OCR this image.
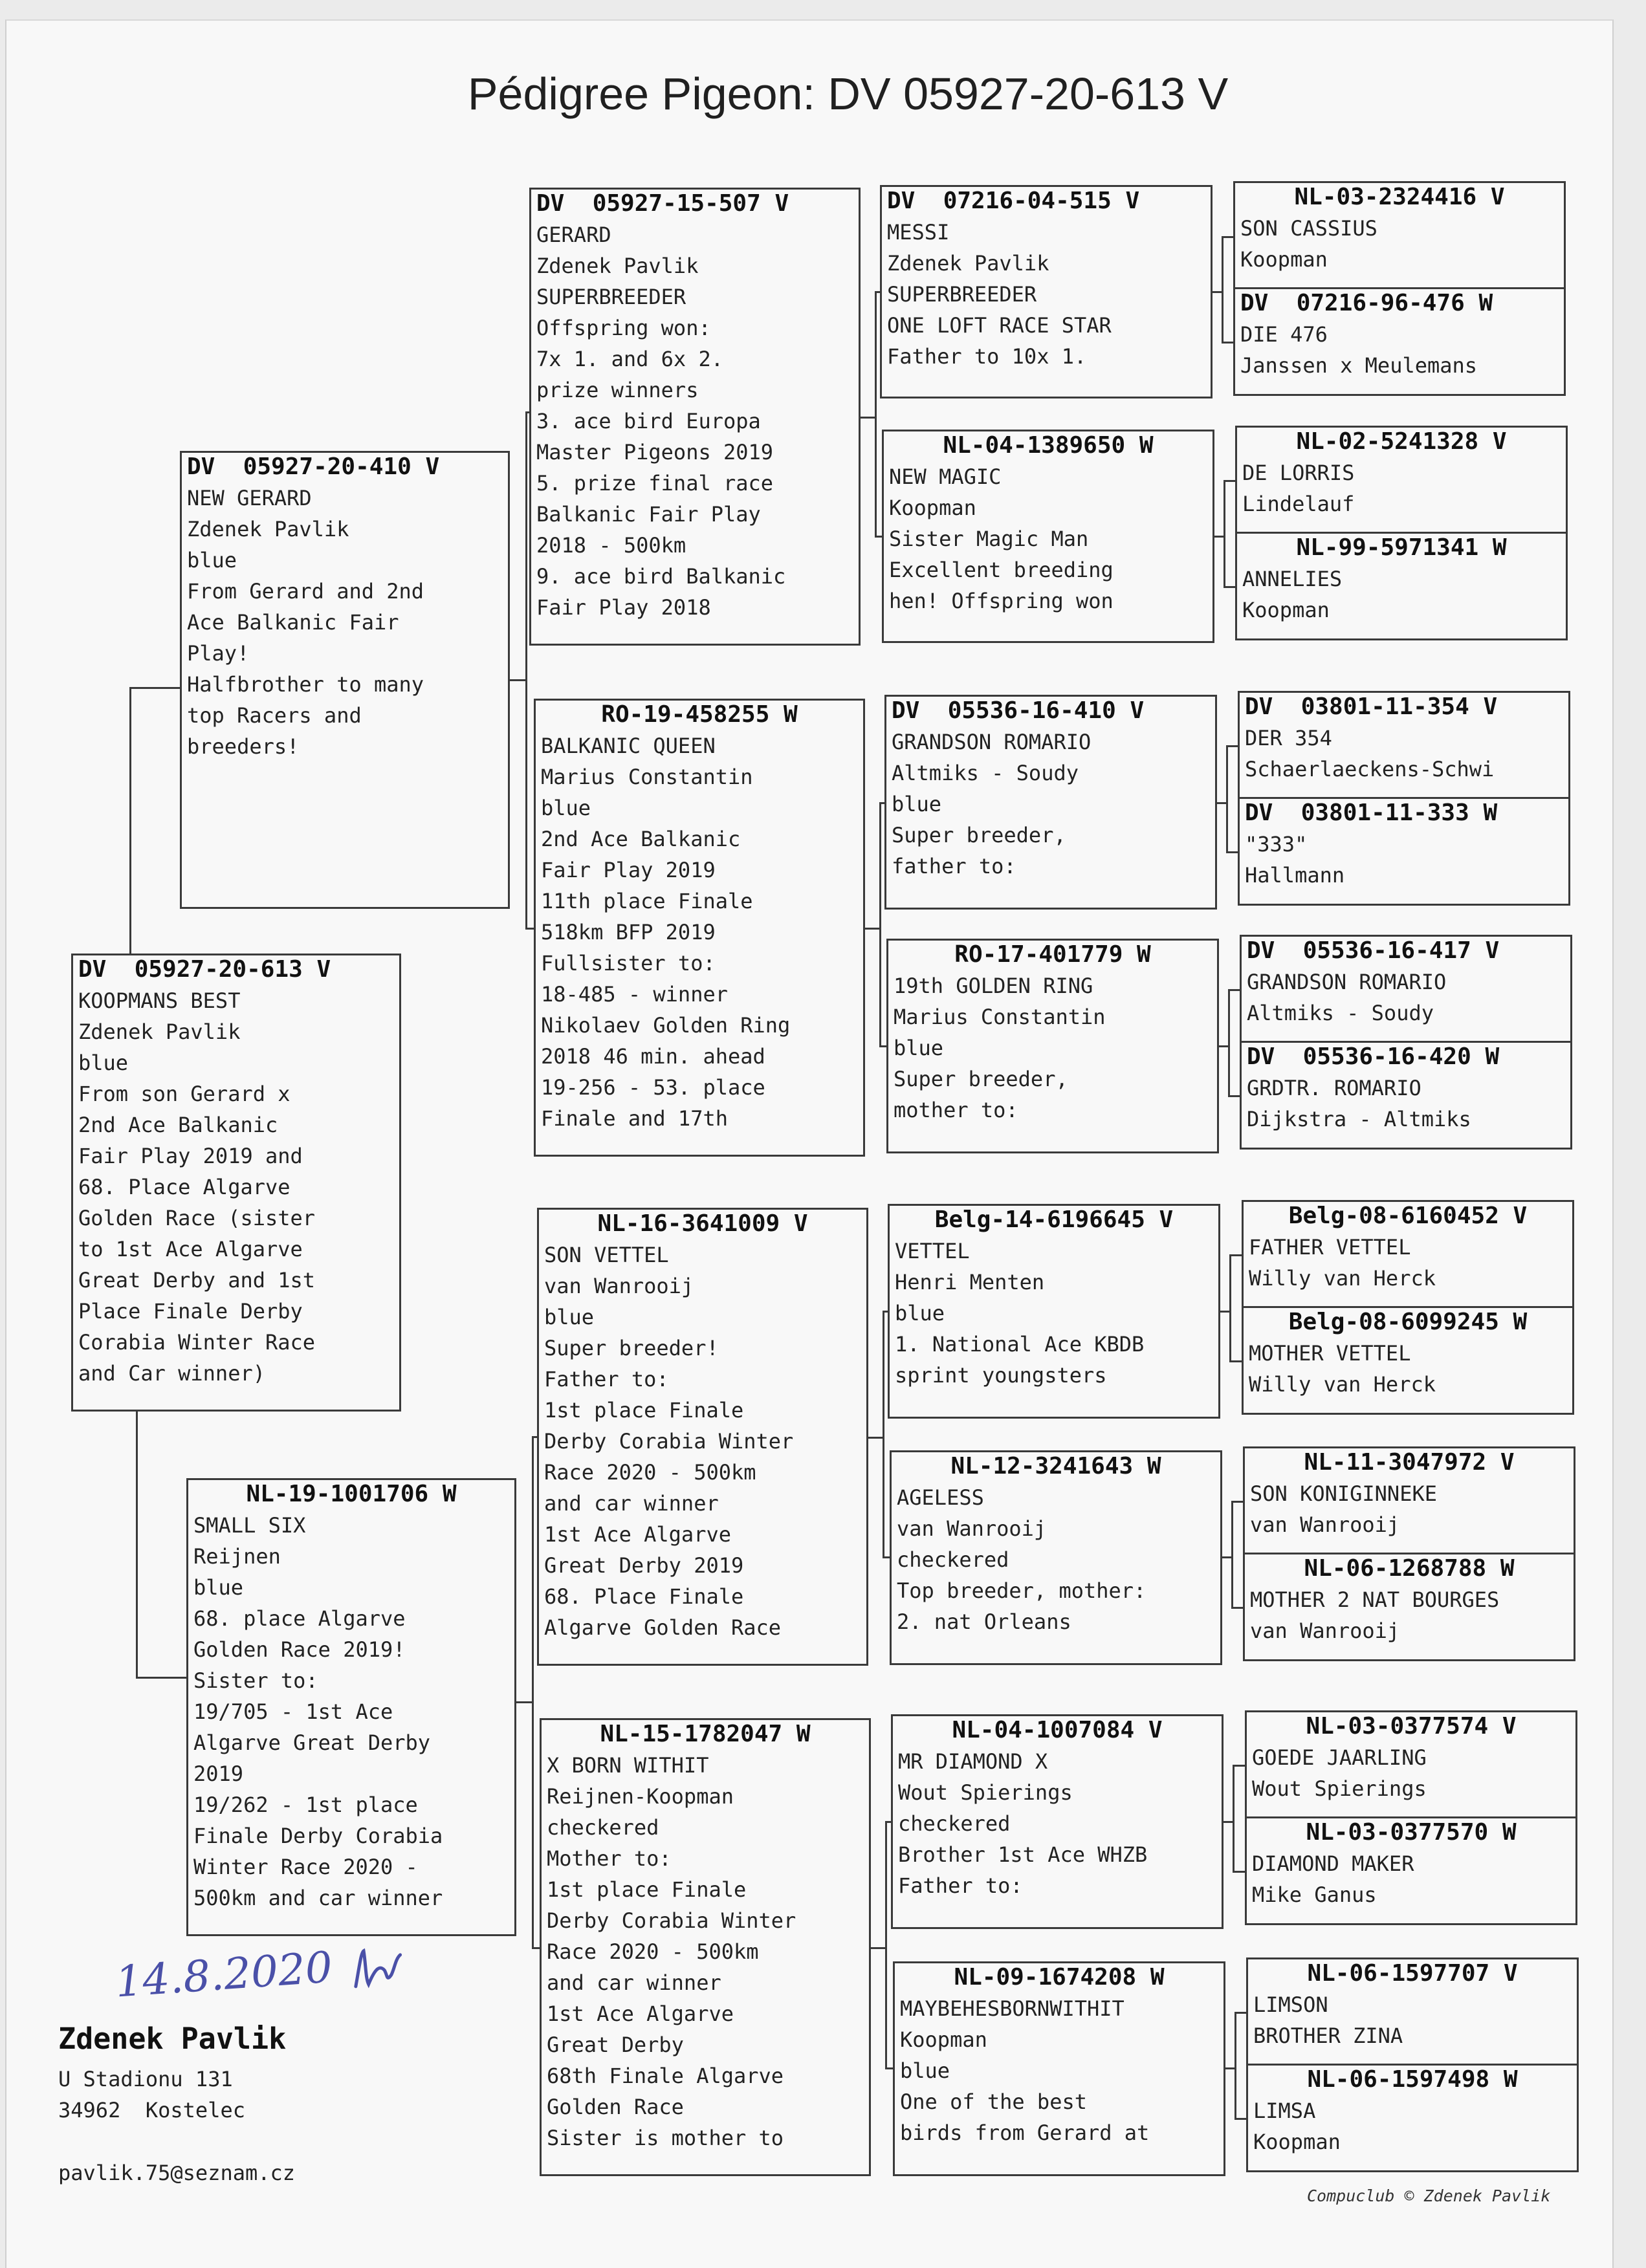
Pédigree Pigeon: DV 05927-20-613 V
DV  05927-20-613 V
KOOPMANS BEST
Zdenek Pavlik
blue
From son Gerard x
2nd Ace Balkanic
Fair Play 2019 and
68. Place Algarve
Golden Race (sister
to 1st Ace Algarve
Great Derby and 1st
Place Finale Derby
Corabia Winter Race
and Car winner)
DV  05927-20-410 V
NEW GERARD
Zdenek Pavlik
blue
From Gerard and 2nd
Ace Balkanic Fair
Play!
Halfbrother to many
top Racers and
breeders!
NL-19-1001706 W
SMALL SIX
Reijnen
blue
68. place Algarve
Golden Race 2019!
Sister to:
19/705 - 1st Ace
Algarve Great Derby
2019
19/262 - 1st place
Finale Derby Corabia
Winter Race 2020 -
500km and car winner
DV  05927-15-507 V
GERARD
Zdenek Pavlik
SUPERBREEDER
Offspring won:
7x 1. and 6x 2.
prize winners
3. ace bird Europa
Master Pigeons 2019
5. prize final race
Balkanic Fair Play
2018 - 500km
9. ace bird Balkanic
Fair Play 2018
RO-19-458255 W
BALKANIC QUEEN
Marius Constantin
blue
2nd Ace Balkanic
Fair Play 2019
11th place Finale
518km BFP 2019
Fullsister to:
18-485 - winner
Nikolaev Golden Ring
2018 46 min. ahead
19-256 - 53. place
Finale and 17th
NL-16-3641009 V
SON VETTEL
van Wanrooij
blue
Super breeder!
Father to:
1st place Finale
Derby Corabia Winter
Race 2020 - 500km
and car winner
1st Ace Algarve
Great Derby 2019
68. Place Finale
Algarve Golden Race
NL-15-1782047 W
X BORN WITHIT
Reijnen-Koopman
checkered
Mother to:
1st place Finale
Derby Corabia Winter
Race 2020 - 500km
and car winner
1st Ace Algarve
Great Derby
68th Finale Algarve
Golden Race
Sister is mother to
DV  07216-04-515 V
MESSI
Zdenek Pavlik
SUPERBREEDER
ONE LOFT RACE STAR
Father to 10x 1.
NL-04-1389650 W
NEW MAGIC
Koopman
Sister Magic Man
Excellent breeding
hen! Offspring won
DV  05536-16-410 V
GRANDSON ROMARIO
Altmiks - Soudy
blue
Super breeder,
father to:
RO-17-401779 W
19th GOLDEN RING
Marius Constantin
blue
Super breeder,
mother to:
Belg-14-6196645 V
VETTEL
Henri Menten
blue
1. National Ace KBDB
sprint youngsters
NL-12-3241643 W
AGELESS
van Wanrooij
checkered
Top breeder, mother:
2. nat Orleans
NL-04-1007084 V
MR DIAMOND X
Wout Spierings
checkered
Brother 1st Ace WHZB
Father to:
NL-09-1674208 W
MAYBEHESBORNWITHIT
Koopman
blue
One of the best
birds from Gerard at
NL-03-2324416 V
SON CASSIUS
Koopman
DV  07216-96-476 W
DIE 476
Janssen x Meulemans
NL-02-5241328 V
DE LORRIS
Lindelauf
NL-99-5971341 W
ANNELIES
Koopman
DV  03801-11-354 V
DER 354
Schaerlaeckens-Schwi
DV  03801-11-333 W
"333"
Hallmann
DV  05536-16-417 V
GRANDSON ROMARIO
Altmiks - Soudy
DV  05536-16-420 W
GRDTR. ROMARIO
Dijkstra - Altmiks
Belg-08-6160452 V
FATHER VETTEL
Willy van Herck
Belg-08-6099245 W
MOTHER VETTEL
Willy van Herck
NL-11-3047972 V
SON KONIGINNEKE
van Wanrooij
NL-06-1268788 W
MOTHER 2 NAT BOURGES
van Wanrooij
NL-03-0377574 V
GOEDE JAARLING
Wout Spierings
NL-03-0377570 W
DIAMOND MAKER
Mike Ganus
NL-06-1597707 V
LIMSON
BROTHER ZINA
NL-06-1597498 W
LIMSA
Koopman
14.8.2020
Zdenek Pavlik
U Stadionu 131
34962  Kostelec
pavlik.75@seznam.cz
Compuclub © Zdenek Pavlik
